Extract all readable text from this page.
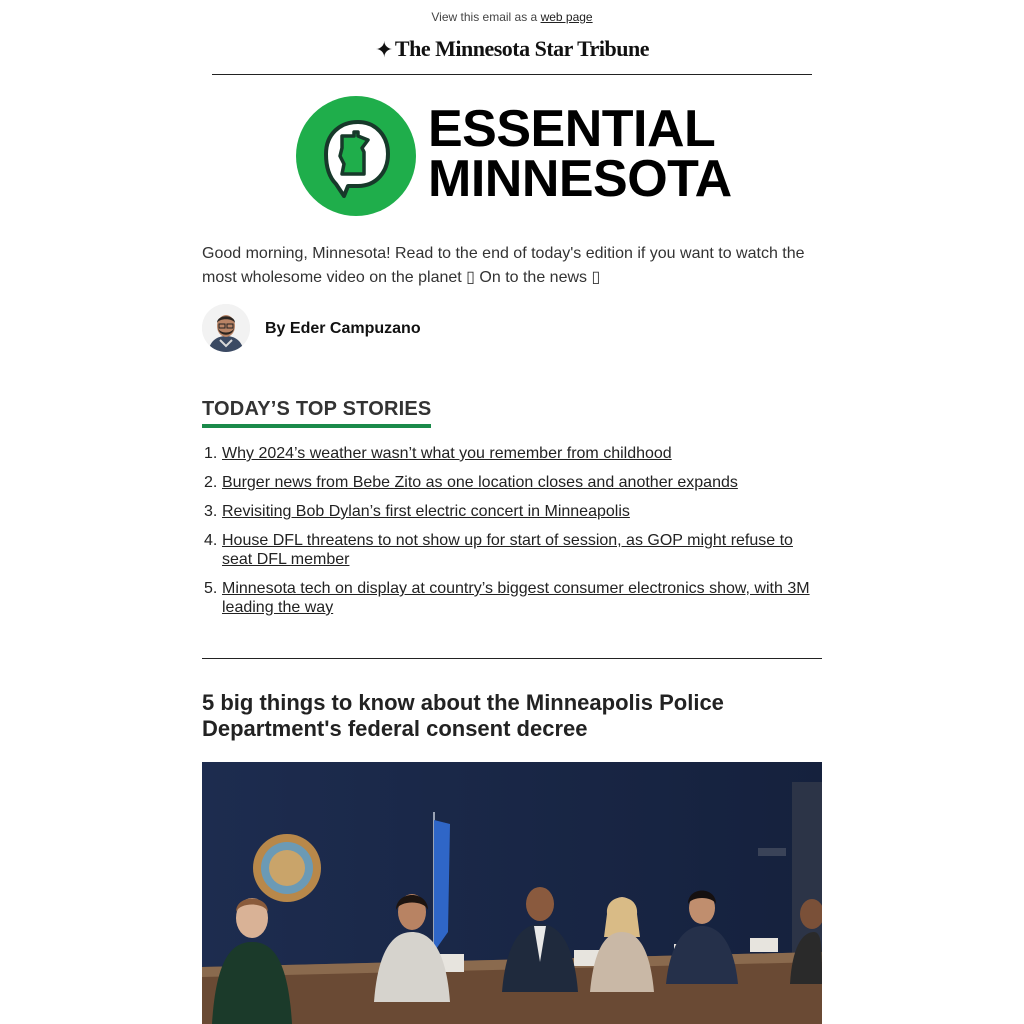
View this email as a web page
✦The Minnesota Star Tribune
ESSENTIAL
MINNESOTA
Good morning, Minnesota! Read to the end of today's edition if you want to watch the most wholesome video on the planet ▯ On to the news ▯
By Eder Campuzano
TODAY’S TOP STORIES
1. Why 2024’s weather wasn’t what you remember from childhood
2. Burger news from Bebe Zito as one location closes and another expands
3. Revisiting Bob Dylan’s first electric concert in Minneapolis
4. House DFL threatens to not show up for start of session, as GOP might refuse to seat DFL member
5. Minnesota tech on display at country’s biggest consumer electronics show, with 3M leading the way
5 big things to know about the Minneapolis Police Department's federal consent decree
